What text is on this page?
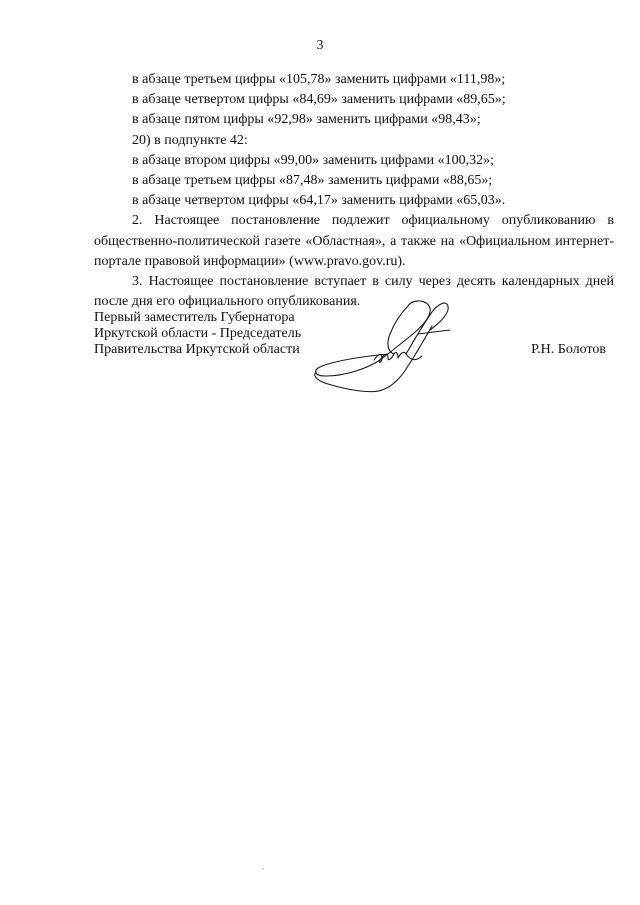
3
в абзаце третьем цифры «105,78» заменить цифрами «111,98»;
в абзаце четвертом цифры «84,69» заменить цифрами «89,65»;
в абзаце пятом цифры «92,98» заменить цифрами «98,43»;
20) в подпункте 42:
в абзаце втором цифры «99,00» заменить цифрами «100,32»;
в абзаце третьем цифры «87,48» заменить цифрами «88,65»;
в абзаце четвертом цифры «64,17» заменить цифрами «65,03».

2. Настоящее постановление подлежит официальному опубликованию в общественно-политической газете «Областная», а также на «Официальном интернет-портале правовой информации» (www.pravo.gov.ru).

3. Настоящее постановление вступает в силу через десять календарных дней после дня его официального опубликования.

Первый заместитель Губернатора
Иркутской области - Председатель
Правительства Иркутской области	Р.Н. Болотов
